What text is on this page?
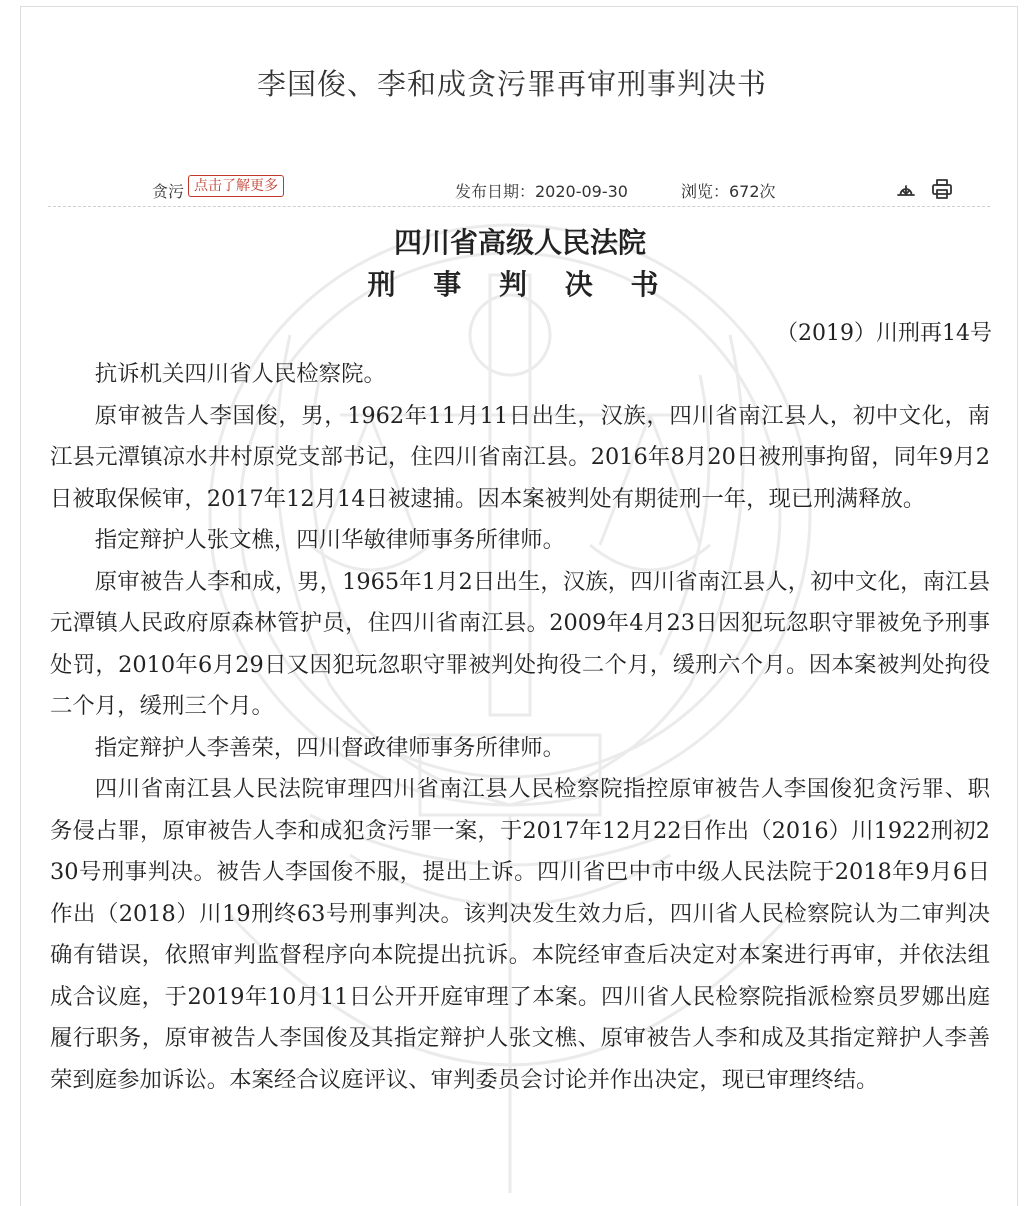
李国俊、李和成贪污罪再审刑事判决书
贪污 点击了解更多	发布日期：2020-09-30	浏览：672次

四川省高级人民法院

刑 事 判 决 书

（2019）川刑再14号

抗诉机关四川省人民检察院。

原审被告人李国俊，男，1962年11月11日出生，汉族，四川省南江县人，初中文化，南江县元潭镇凉水井村原党支部书记，住四川省南江县。2016年8月20日被刑事拘留，同年9月2日被取保候审，2017年12月14日被逮捕。因本案被判处有期徒刑一年，现已刑满释放。

指定辩护人张文樵，四川华敏律师事务所律师。

原审被告人李和成，男，1965年1月2日出生，汉族，四川省南江县人，初中文化，南江县元潭镇人民政府原森林管护员，住四川省南江县。2009年4月23日因犯玩忽职守罪被免予刑事处罚，2010年6月29日又因犯玩忽职守罪被判处拘役二个月，缓刑六个月。因本案被判处拘役二个月，缓刑三个月。

指定辩护人李善荣，四川督政律师事务所律师。

四川省南江县人民法院审理四川省南江县人民检察院指控原审被告人李国俊犯贪污罪、职务侵占罪，原审被告人李和成犯贪污罪一案，于2017年12月22日作出（2016）川1922刑初230号刑事判决。被告人李国俊不服，提出上诉。四川省巴中市中级人民法院于2018年9月6日作出（2018）川19刑终63号刑事判决。该判决发生效力后，四川省人民检察院认为二审判决确有错误，依照审判监督程序向本院提出抗诉。本院经审查后决定对本案进行再审，并依法组成合议庭，于2019年10月11日公开开庭审理了本案。四川省人民检察院指派检察员罗娜出庭履行职务，原审被告人李国俊及其指定辩护人张文樵、原审被告人李和成及其指定辩护人李善荣到庭参加诉讼。本案经合议庭评议、审判委员会讨论并作出决定，现已审理终结。
